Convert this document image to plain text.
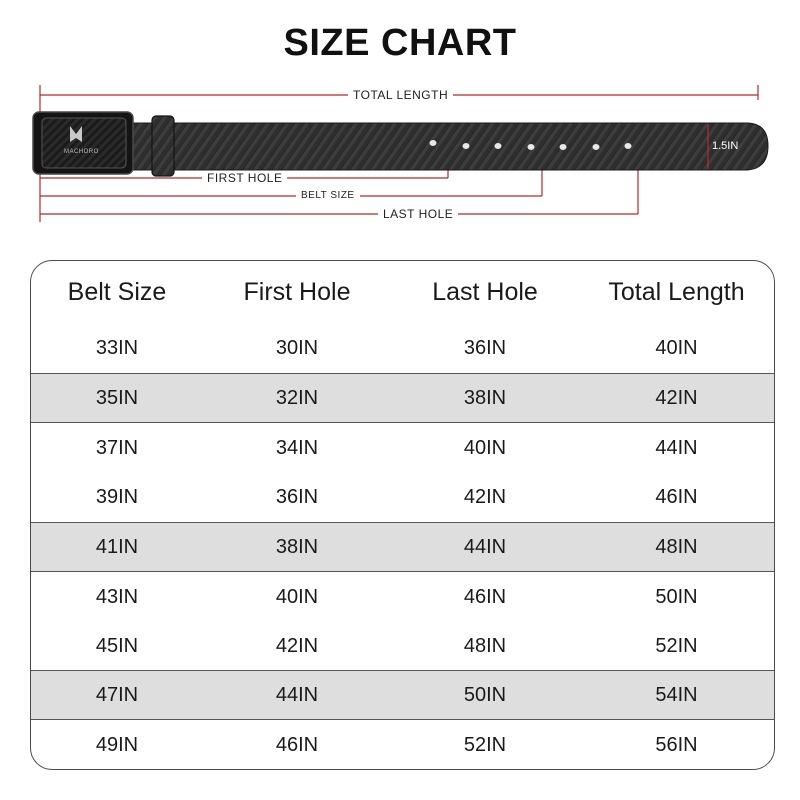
SIZE CHART
TOTAL LENGTH
FIRST HOLE
BELT SIZE
LAST HOLE
1.5IN
MACHORO
Belt Size	First Hole	Last Hole	Total Length
33IN	30IN	36IN	40IN
35IN	32IN	38IN	42IN
37IN	34IN	40IN	44IN
39IN	36IN	42IN	46IN
41IN	38IN	44IN	48IN
43IN	40IN	46IN	50IN
45IN	42IN	48IN	52IN
47IN	44IN	50IN	54IN
49IN	46IN	52IN	56IN
